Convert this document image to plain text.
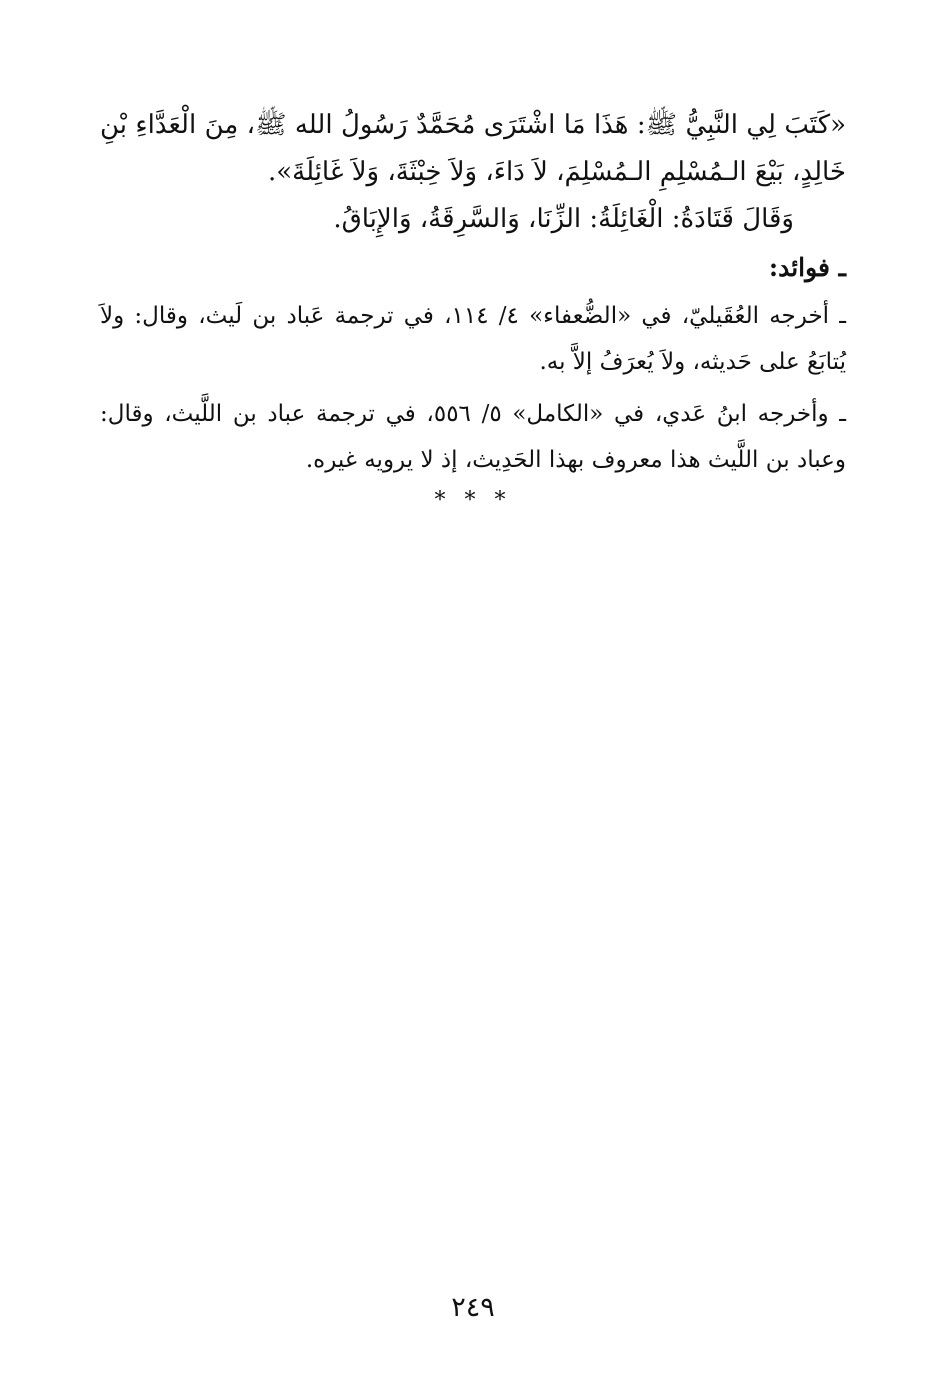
«كَتَبَ لِي النَّبِيُّ ﷺ: هَذَا مَا اشْتَرَى مُحَمَّدٌ رَسُولُ الله ﷺ، مِنَ الْعَدَّاءِ بْنِ خَالِدٍ، بَيْعَ الـمُسْلِمِ الـمُسْلِمَ، لاَ دَاءَ، وَلاَ خِبْثَةَ، وَلاَ غَائِلَةَ».

وَقَالَ قَتَادَةُ: الْغَائِلَةُ: الزِّنَا، وَالسَّرِقَةُ، وَالإِبَاقُ.

ـ فوائد:

ـ أخرجه العُقَيليّ، في «الضُّعفاء» ٤/ ١١٤، في ترجمة عَباد بن لَيث، وقال: ولاَ يُتابَعُ على حَديثه، ولاَ يُعرَفُ إلاَّ به.

ـ وأخرجه ابنُ عَدي، في «الكامل» ٥/ ٥٥٦، في ترجمة عباد بن اللَّيث، وقال: وعباد بن اللَّيث هذا معروف بهذا الحَدِيث، إذ لا يرويه غيره.

* * *

٢٤٩
